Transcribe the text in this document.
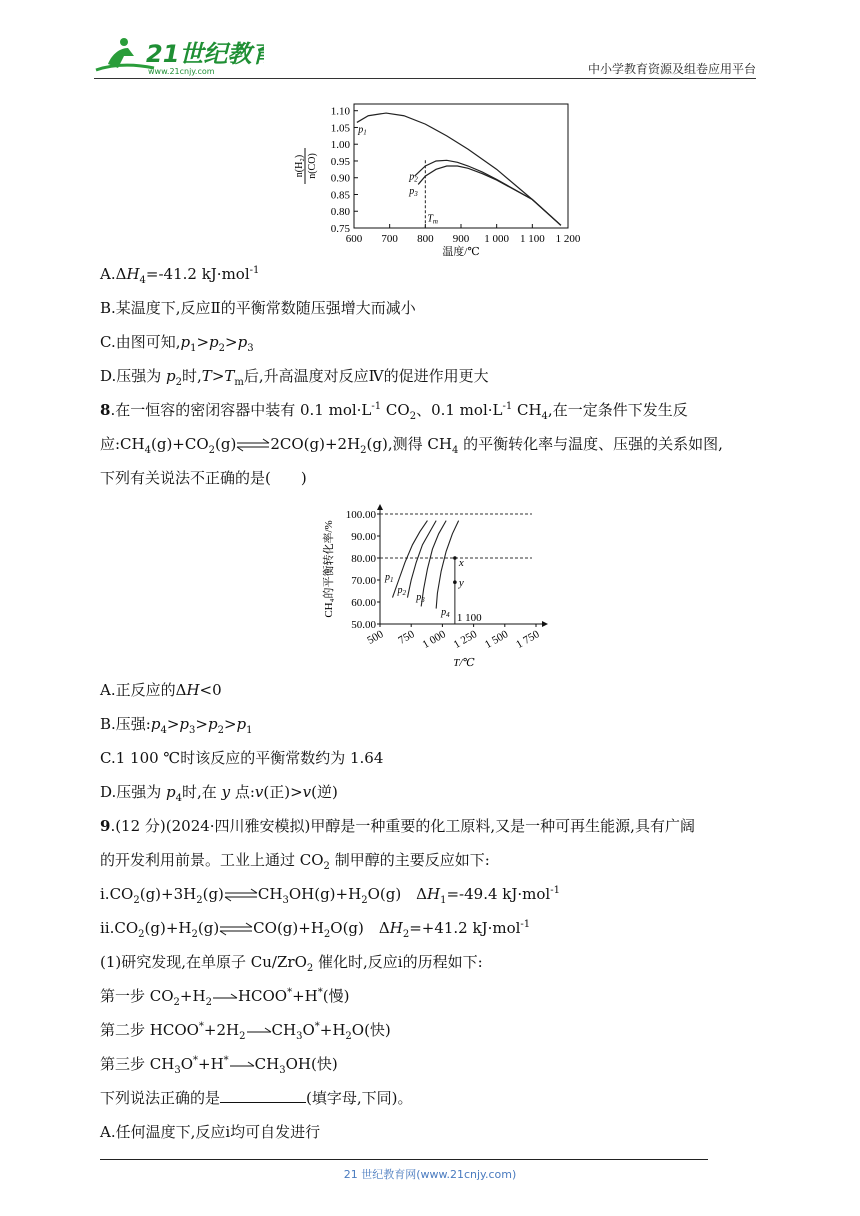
21世纪教育
www.21cnjy.com	中小学教育资源及组卷应用平台
0.75
0.80
0.85
0.90
0.95
1.00
1.05
1.10
600 700 800 900 1 000 1 100 1 200
$p_1$
$p_2$
$p_3$
$T_m$
温度/℃
n(H₂) n(CO)
$A.\Delta H_4=-41.2$ kJ·mol$^{-1}$
B.某温度下,反应Ⅱ的平衡常数随压强增大而减小
C.由图可知$,p_1>p_2>p_3$
D.压强为 $p_2$时$,T>T_m$后,升高温度对反应Ⅳ的促进作用更大
8.在一恒容的密闭容器中装有 0.1 $mol\cdot L^{-1}$ $CO_2$、0.1 $mol\cdot L^{-1}$ $CH_4$,在一定条件下发生反
应$:CH_4(g)+CO_2(g)\rightleftharpoons 2CO(g)+2H_2(g)$,测得 $CH_4$ 的平衡转化率与温度、压强的关系如图,
下列有关说法不正确的是(　　)
50.00
60.00
70.00
80.00
90.00
100.00
500 750 1 000 1 250 1 500 1 750
x
y
1 100
$p_1$
$p_2$ $p_3$
$p_4$
T/℃
CH₄的平衡转化率/%
A.正反应的ΔH<0
B.压强$:p_4>p_3>p_2>p_1$
C.1 100 ℃时该反应的平衡常数约为 1.64
D.压强为 $p_4$时,在 y 点:v(正)>v(逆)
9.(12 分)(2024·四川雅安模拟)甲醇是一种重要的化工原料,又是一种可再生能源,具有广阔
的开发利用前景。工业上通过 $CO_2$ 制甲醇的主要反应如下:
$ⅰ.CO_2(g)+3H_2(g)\rightleftharpoons CH_3OH(g)+H_2O(g)$　$\Delta H_1=-49.4$ kJ·mol$^{-1}$
$ⅱ.CO_2(g)+H_2(g)\rightleftharpoons CO(g)+H_2O(g)$　$\Delta H_2=+41.2$ kJ·mol$^{-1}$
(1)研究发现,在单原子 Cu/ZrO$_2$ 催化时,反应ⅰ的历程如下:
第一步 $CO_2+H_2\to HCOO^*+H^*$(慢)
第二步 $HCOO^*+2H_2\to CH_3O^*+H_2O$(快)
第三步 $CH_3O^*+H^*\to CH_3OH$(快)
下列说法正确的是	(填字母,下同)。
A.任何温度下,反应ⅰ均可自发进行
21 世纪教育网(www.21cnjy.com)
